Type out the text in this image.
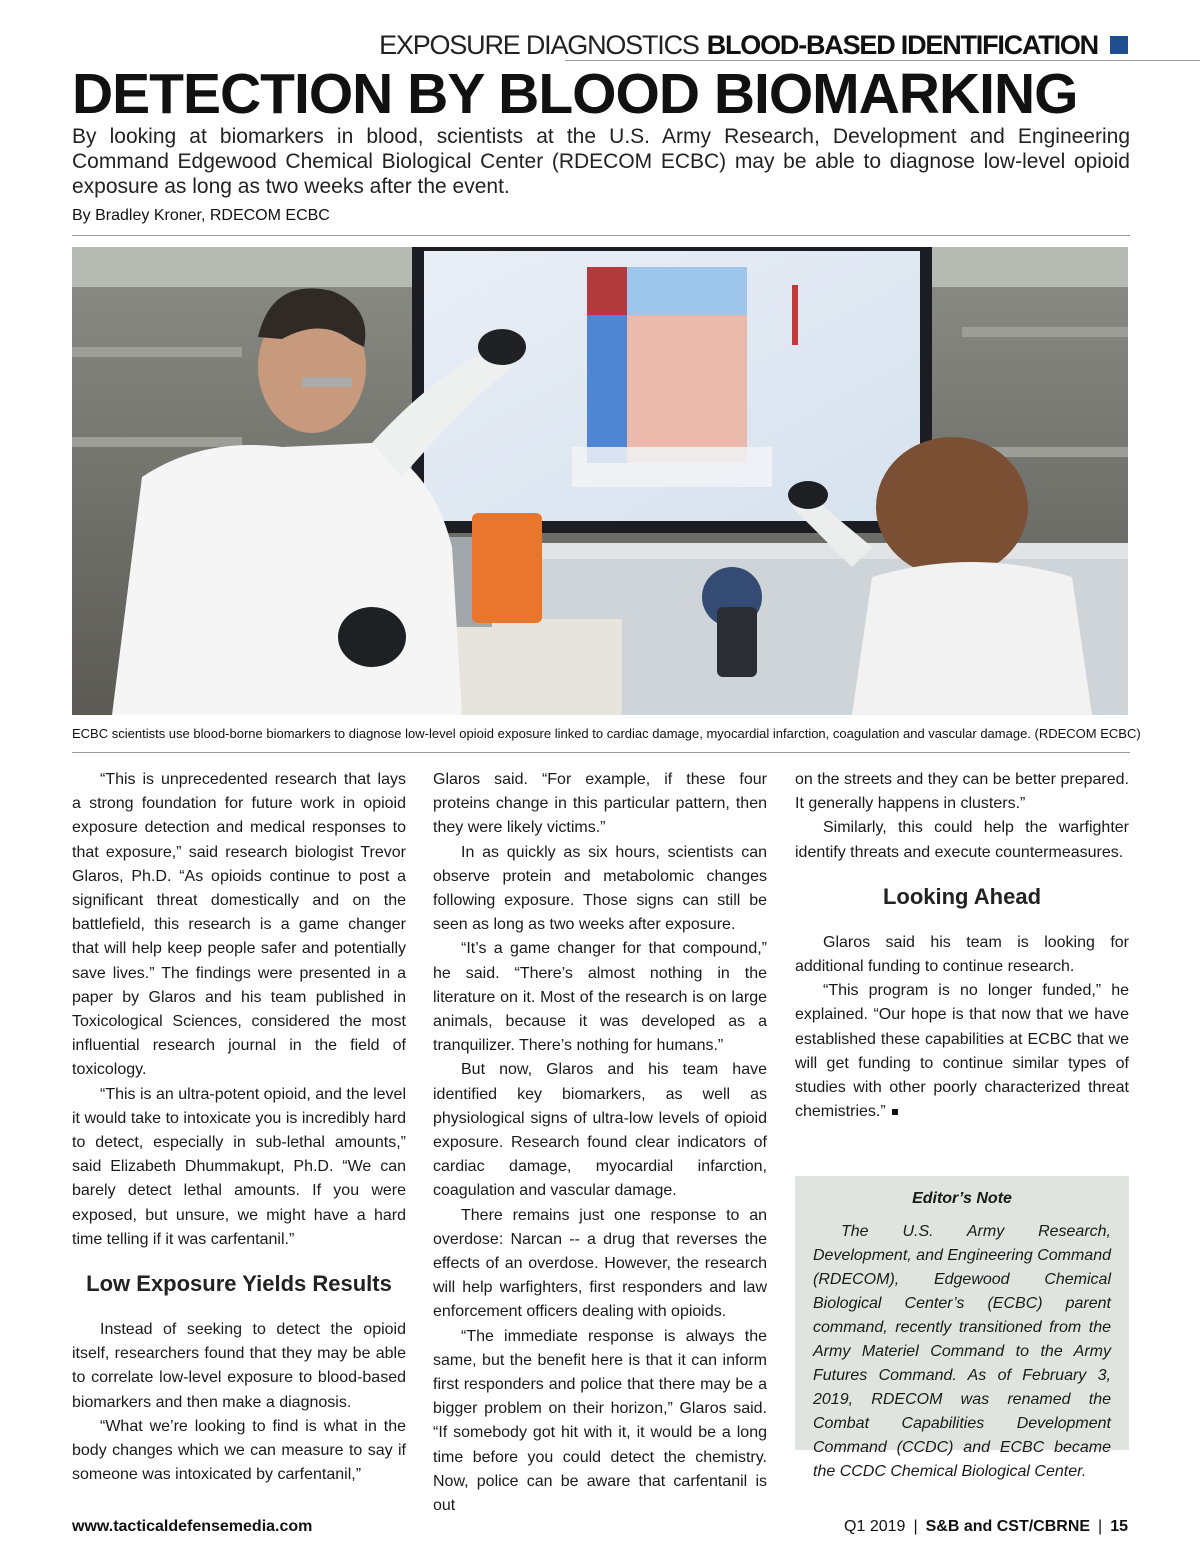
EXPOSURE DIAGNOSTICS BLOOD-BASED IDENTIFICATION
DETECTION BY BLOOD BIOMARKING

By looking at biomarkers in blood, scientists at the U.S. Army Research, Development and Engineering Command Edgewood Chemical Biological Center (RDECOM ECBC) may be able to diagnose low-level opioid exposure as long as two weeks after the event.

By Bradley Kroner, RDECOM ECBC
ECBC scientists use blood-borne biomarkers to diagnose low-level opioid exposure linked to cardiac damage, myocardial infarction, coagulation and vascular damage. (RDECOM ECBC)

“This is unprecedented research that lays a strong foundation for future work in opioid exposure detection and medical responses to that exposure,” said research biologist Trevor Glaros, Ph.D. “As opioids continue to post a significant threat domestically and on the battlefield, this research is a game changer that will help keep people safer and potentially save lives.” The findings were presented in a paper by Glaros and his team published in Toxicological Sciences, considered the most influential research journal in the field of toxicology.

“This is an ultra-potent opioid, and the level it would take to intoxicate you is incredibly hard to detect, especially in sub-lethal amounts,” said Elizabeth Dhummakupt, Ph.D. “We can barely detect lethal amounts. If you were exposed, but unsure, we might have a hard time telling if it was carfentanil.”

Low Exposure Yields Results

Instead of seeking to detect the opioid itself, researchers found that they may be able to correlate low-level exposure to blood-based biomarkers and then make a diagnosis.

“What we’re looking to find is what in the body changes which we can measure to say if someone was intoxicated by carfentanil,”

Glaros said. “For example, if these four proteins change in this particular pattern, then they were likely victims.”

In as quickly as six hours, scientists can observe protein and metabolomic changes following exposure. Those signs can still be seen as long as two weeks after exposure.

“It’s a game changer for that compound,” he said. “There’s almost nothing in the literature on it. Most of the research is on large animals, because it was developed as a tranquilizer. There’s nothing for humans.”

But now, Glaros and his team have identified key biomarkers, as well as physiological signs of ultra-low levels of opioid exposure. Research found clear indicators of cardiac damage, myocardial infarction, coagulation and vascular damage.

There remains just one response to an overdose: Narcan -- a drug that reverses the effects of an overdose. However, the research will help warfighters, first responders and law enforcement officers dealing with opioids.

“The immediate response is always the same, but the benefit here is that it can inform first responders and police that there may be a bigger problem on their horizon,” Glaros said. “If somebody got hit with it, it would be a long time before you could detect the chemistry. Now, police can be aware that carfentanil is out

on the streets and they can be better prepared. It generally happens in clusters.”

Similarly, this could help the warfighter identify threats and execute countermeasures.

Looking Ahead

Glaros said his team is looking for additional funding to continue research.

“This program is no longer funded,” he explained. “Our hope is that now that we have established these capabilities at ECBC that we will get funding to continue similar types of studies with other poorly characterized threat chemistries.”

Editor’s Note

The U.S. Army Research, Development, and Engineering Command (RDECOM), Edgewood Chemical Biological Center’s (ECBC) parent command, recently transitioned from the Army Materiel Command to the Army Futures Command. As of February 3, 2019, RDECOM was renamed the Combat Capabilities Development Command (CCDC) and ECBC became the CCDC Chemical Biological Center.

www.tacticaldefensemedia.com	Q1 2019 | S&B and CST/CBRNE | 15
